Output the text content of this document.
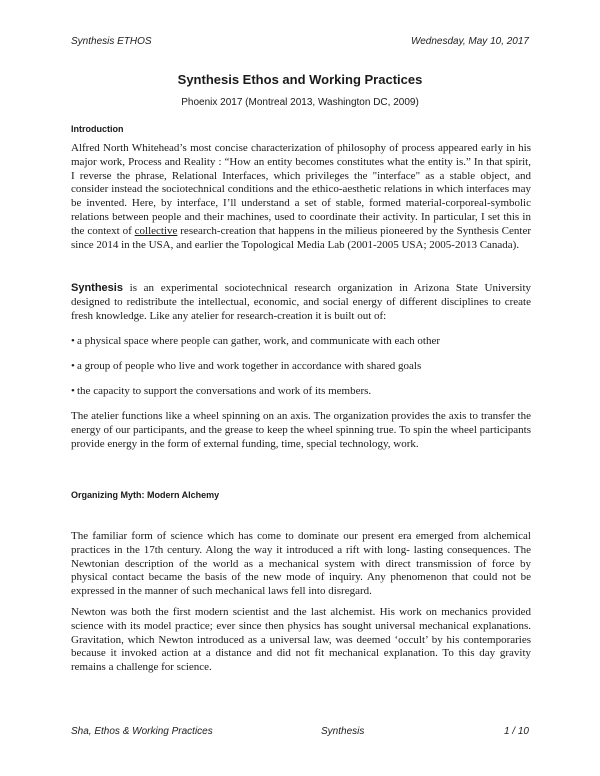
Synthesis ETHOS	Wednesday, May 10, 2017
Synthesis Ethos and Working Practices
Phoenix 2017 (Montreal 2013, Washington DC, 2009)
Introduction

Alfred North Whitehead’s most concise characterization of philosophy of process appeared early in his major work, Process and Reality : “How an entity becomes constitutes what the entity is.” In that spirit, I reverse the phrase, Relational Interfaces, which privileges the "interface" as a stable object, and consider instead the sociotechnical conditions and the ethico-aesthetic relations in which interfaces may be invented. Here, by interface, I’ll understand a set of stable, formed material-corporeal-symbolic relations between people and their machines, used to coordinate their activity. In particular, I set this in the context of collective research-creation that happens in the milieus pioneered by the Synthesis Center since 2014 in the USA, and earlier the Topological Media Lab (2001-2005 USA; 2005-2013 Canada).

Synthesis is an experimental sociotechnical research organization in Arizona State University designed to redistribute the intellectual, economic, and social energy of different disciplines to create fresh knowledge. Like any atelier for research-creation it is built out of:

• a physical space where people can gather, work, and communicate with each other
• a group of people who live and work together in accordance with shared goals
• the capacity to support the conversations and work of its members.

The atelier functions like a wheel spinning on an axis. The organization provides the axis to transfer the energy of our participants, and the grease to keep the wheel spinning true. To spin the wheel participants provide energy in the form of external funding, time, special technology, work.

Organizing Myth: Modern Alchemy

The familiar form of science which has come to dominate our present era emerged from alchemical practices in the 17th century. Along the way it introduced a rift with long- lasting consequences. The Newtonian description of the world as a mechanical system with direct transmission of force by physical contact became the basis of the new mode of inquiry. Any phenomenon that could not be expressed in the manner of such mechanical laws fell into disregard.

Newton was both the first modern scientist and the last alchemist. His work on mechanics provided science with its model practice; ever since then physics has sought universal mechanical explanations. Gravitation, which Newton introduced as a universal law, was deemed ‘occult’ by his contemporaries because it invoked action at a distance and did not fit mechanical explanation. To this day gravity remains a challenge for science.

Sha, Ethos & Working Practices	Synthesis	1 / 10
